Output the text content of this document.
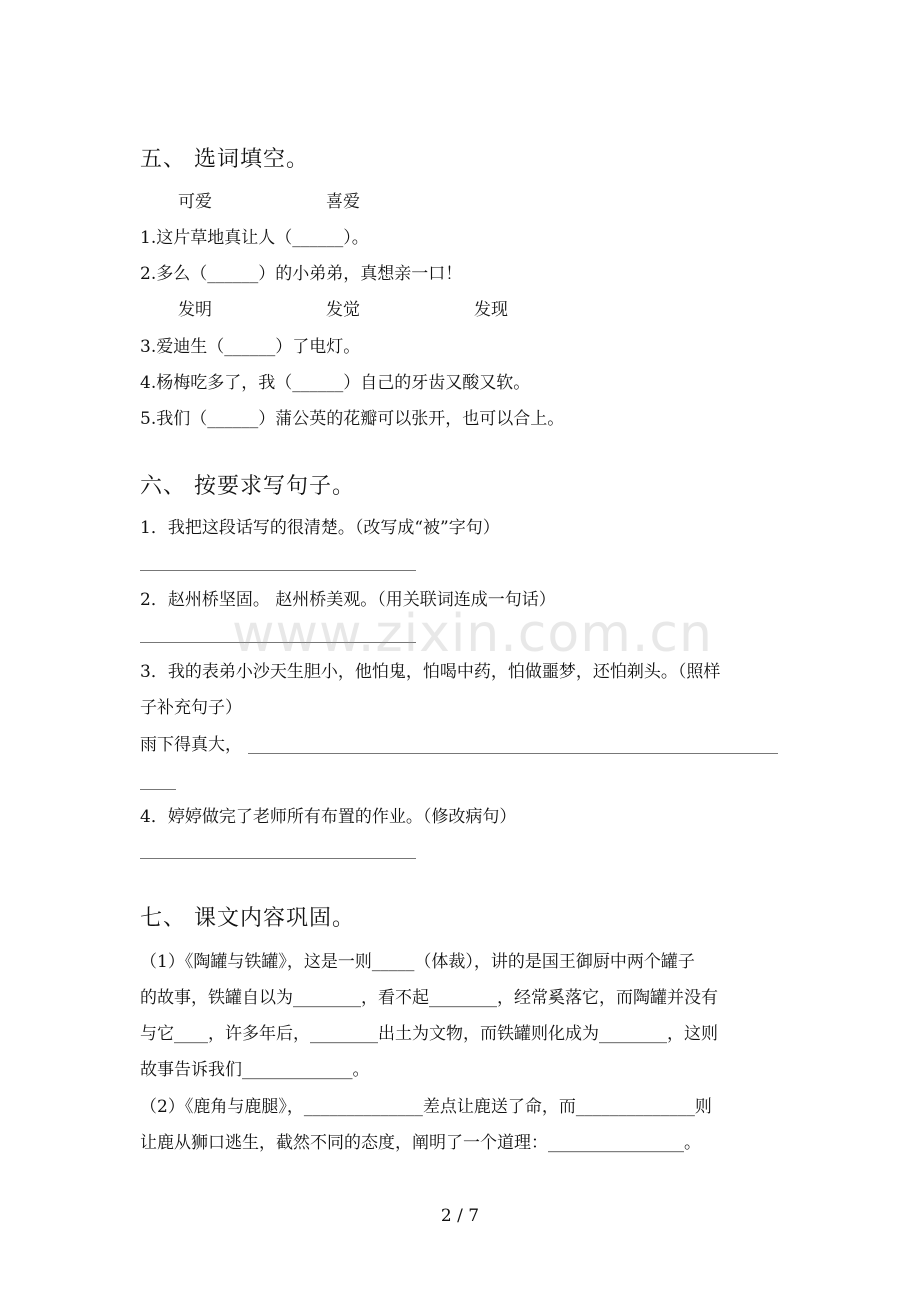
五、 选词填空。
可爱	喜爱
1.这片草地真让人（______）。
2.多么（______）的小弟弟，真想亲一口！
发明	发觉	发现
3.爱迪生（______）了电灯。
4.杨梅吃多了，我（______）自己的牙齿又酸又软。
5.我们（______）蒲公英的花瓣可以张开，也可以合上。
六、 按要求写句子。
1．我把这段话写的很清楚。（改写成“被”字句）
2．赵州桥坚固。 赵州桥美观。（用关联词连成一句话）
3．我的表弟小沙天生胆小，他怕鬼，怕喝中药，怕做噩梦，还怕剃头。（照样
子补充句子）
雨下得真大，
4．婷婷做完了老师所有布置的作业。（修改病句）
七、 课文内容巩固。
（1）《陶罐与铁罐》，这是一则_____（体裁），讲的是国王御厨中两个罐子
的故事，铁罐自以为________，看不起________，经常奚落它，而陶罐并没有
与它____，许多年后，________出土为文物，而铁罐则化成为________，这则
故事告诉我们_____________。
（2）《鹿角与鹿腿》，______________差点让鹿送了命，而______________则
让鹿从狮口逃生，截然不同的态度，阐明了一个道理：________________。
www.zixin.com.cn
2 / 7
